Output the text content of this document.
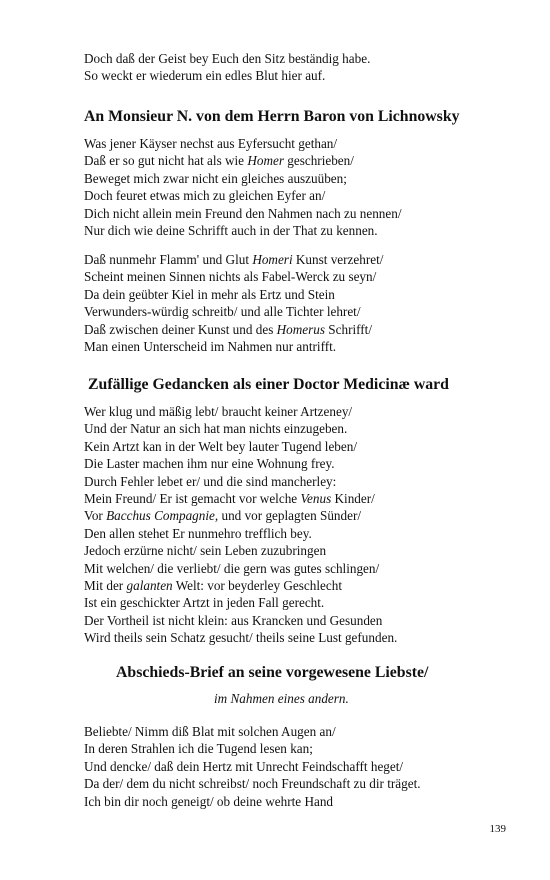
Doch daß der Geist bey Euch den Sitz beständig habe.
So weckt er wiederum ein edles Blut hier auf.
An Monsieur N. von dem Herrn Baron von Lichnowsky
Was jener Käyser nechst aus Eyfersucht gethan/
Daß er so gut nicht hat als wie Homer geschrieben/
Beweget mich zwar nicht ein gleiches auszuüben;
Doch feuret etwas mich zu gleichen Eyfer an/
Dich nicht allein mein Freund den Nahmen nach zu nennen/
Nur dich wie deine Schrifft auch in der That zu kennen.
Daß nunmehr Flamm' und Glut Homeri Kunst verzehret/
Scheint meinen Sinnen nichts als Fabel-Werck zu seyn/
Da dein geübter Kiel in mehr als Ertz und Stein
Verwunders-würdig schreitb/ und alle Tichter lehret/
Daß zwischen deiner Kunst und des Homerus Schrifft/
Man einen Unterscheid im Nahmen nur antrifft.
Zufällige Gedancken als einer Doctor Medicinæ ward
Wer klug und mäßig lebt/ braucht keiner Artzeney/
Und der Natur an sich hat man nichts einzugeben.
Kein Artzt kan in der Welt bey lauter Tugend leben/
Die Laster machen ihm nur eine Wohnung frey.
Durch Fehler lebet er/ und die sind mancherley:
Mein Freund/ Er ist gemacht vor welche Venus Kinder/
Vor Bacchus Compagnie, und vor geplagten Sünder/
Den allen stehet Er nunmehro trefflich bey.
Jedoch erzürne nicht/ sein Leben zuzubringen
Mit welchen/ die verliebt/ die gern was gutes schlingen/
Mit der galanten Welt: vor beyderley Geschlecht
Ist ein geschickter Artzt in jeden Fall gerecht.
Der Vortheil ist nicht klein: aus Krancken und Gesunden
Wird theils sein Schatz gesucht/ theils seine Lust gefunden.
Abschieds-Brief an seine vorgewesene Liebste/
im Nahmen eines andern.
Beliebte/ Nimm diß Blat mit solchen Augen an/
In deren Strahlen ich die Tugend lesen kan;
Und dencke/ daß dein Hertz mit Unrecht Feindschafft heget/
Da der/ dem du nicht schreibst/ noch Freundschaft zu dir träget.
Ich bin dir noch geneigt/ ob deine wehrte Hand
139
